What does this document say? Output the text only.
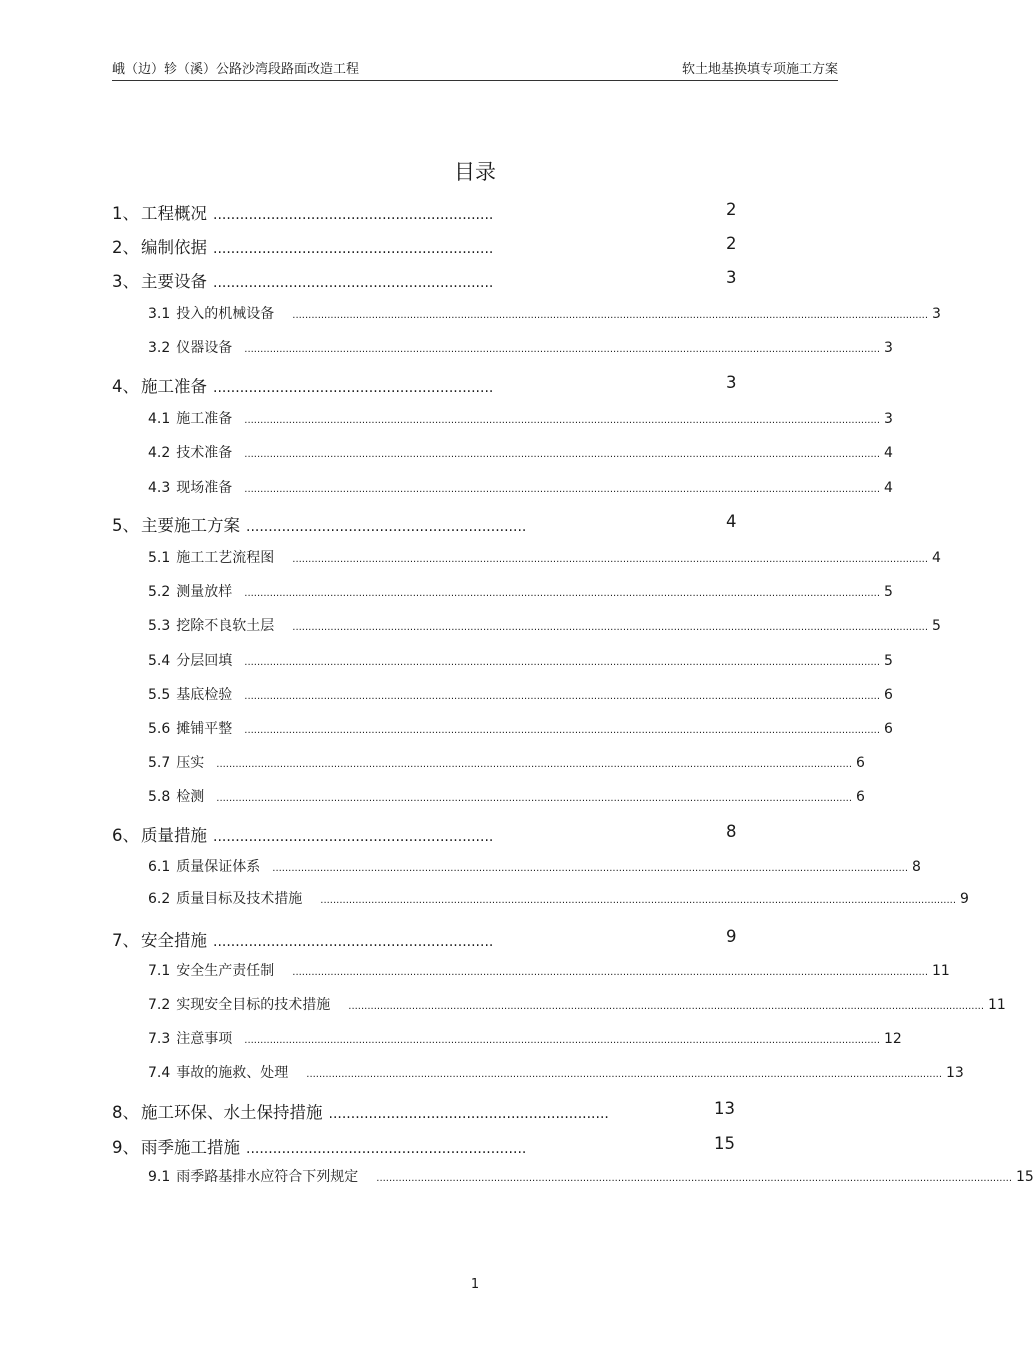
峨（边）轸（溪）公路沙湾段路面改造工程	软土地基换填专项施工方案
目录
1、 工程概况 ...............................................................	2
2、 编制依据 ...............................................................	2
3、 主要设备 ...............................................................	3
3.1 投入的机械设备	........................................................................................................................................................................................................ 3
3.2 仪器设备	........................................................................................................................................................................................................ 3
4、 施工准备 ...............................................................	3
4.1 施工准备	........................................................................................................................................................................................................ 3
4.2 技术准备	........................................................................................................................................................................................................ 4
4.3 现场准备	........................................................................................................................................................................................................ 4
5、 主要施工方案 ...............................................................	4
5.1 施工工艺流程图	........................................................................................................................................................................................................ 4
5.2 测量放样	........................................................................................................................................................................................................ 5
5.3 挖除不良软土层	........................................................................................................................................................................................................ 5
5.4 分层回填	........................................................................................................................................................................................................ 5
5.5 基底检验	........................................................................................................................................................................................................ 6
5.6 摊铺平整	........................................................................................................................................................................................................ 6
5.7 压实	........................................................................................................................................................................................................ 6
5.8 检测	........................................................................................................................................................................................................ 6
6、 质量措施 ...............................................................	8
6.1 质量保证体系	........................................................................................................................................................................................................ 8
6.2 质量目标及技术措施	........................................................................................................................................................................................................ 9
7、 安全措施 ...............................................................	9
7.1 安全生产责任制	........................................................................................................................................................................................................ 11
7.2 实现安全目标的技术措施	........................................................................................................................................................................................................ 11
7.3 注意事项	........................................................................................................................................................................................................ 12
7.4 事故的施救、处理	........................................................................................................................................................................................................ 13
8、 施工环保、水土保持措施 ...............................................................	13
9、 雨季施工措施 ...............................................................	15
9.1 雨季路基排水应符合下列规定	........................................................................................................................................................................................................ 15
1
